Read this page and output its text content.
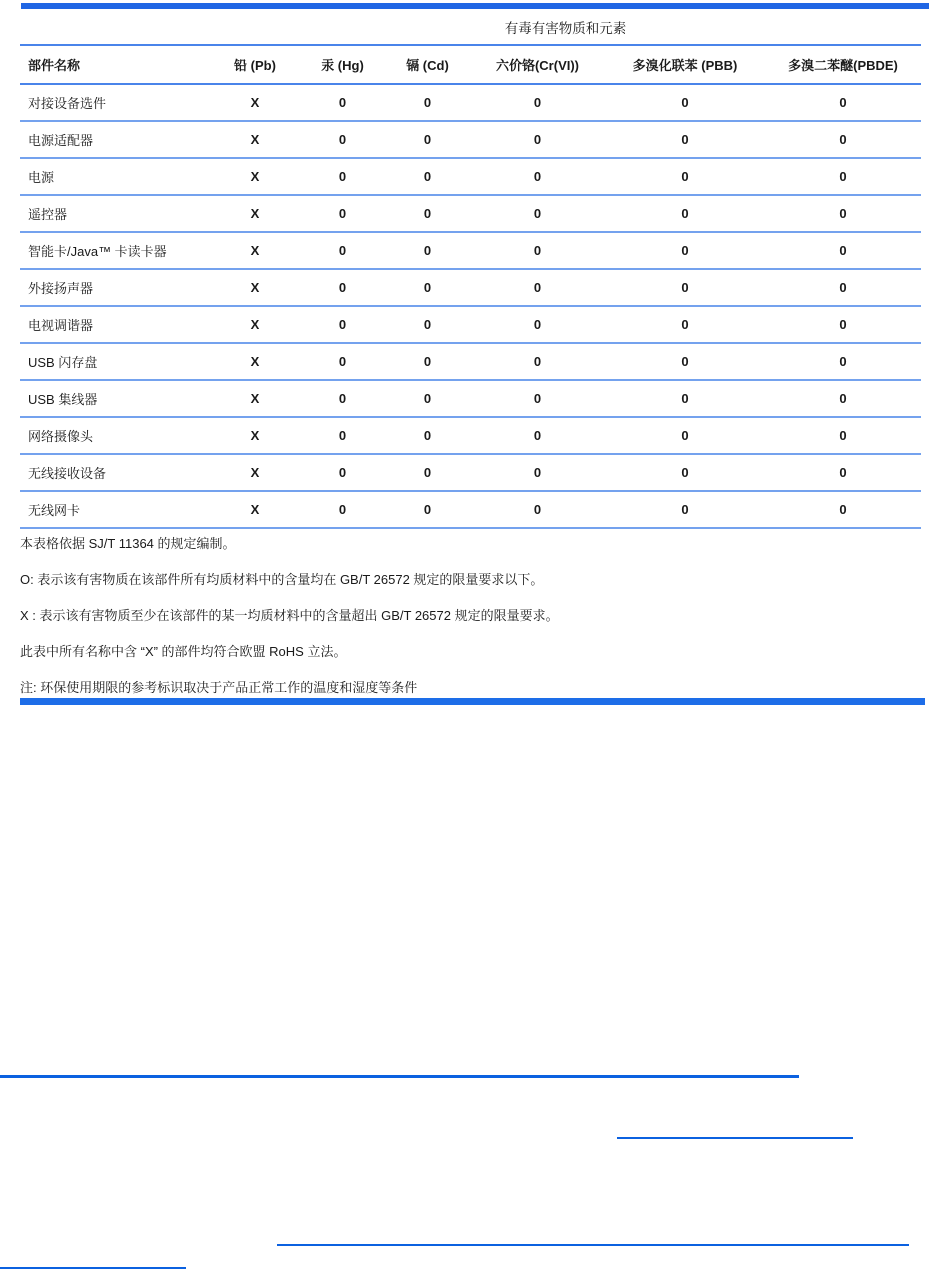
	有毒有害物质和元素					
部件名称	铅 (Pb)	汞 (Hg)	镉 (Cd)	六价铬(Cr(VI))	多溴化联苯 (PBB)	多溴二苯醚(PBDE)
对接设备选件	X	0	0	0	0	0
电源适配器	X	0	0	0	0	0
电源	X	0	0	0	0	0
遥控器	X	0	0	0	0	0
智能卡/Java™ 卡读卡器	X	0	0	0	0	0
外接扬声器	X	0	0	0	0	0
电视调谐器	X	0	0	0	0	0
USB 闪存盘	X	0	0	0	0	0
USB 集线器	X	0	0	0	0	0
网络摄像头	X	0	0	0	0	0
无线接收设备	X	0	0	0	0	0
无线网卡	X	0	0	0	0	0

本表格依据 SJ/T 11364 的规定编制。

O: 表示该有害物质在该部件所有均质材料中的含量均在 GB/T 26572 规定的限量要求以下。

X : 表示该有害物质至少在该部件的某一均质材料中的含量超出 GB/T 26572 规定的限量要求。

此表中所有名称中含 “X” 的部件均符合欧盟 RoHS 立法。

注: 环保使用期限的参考标识取决于产品正常工作的温度和湿度等条件
